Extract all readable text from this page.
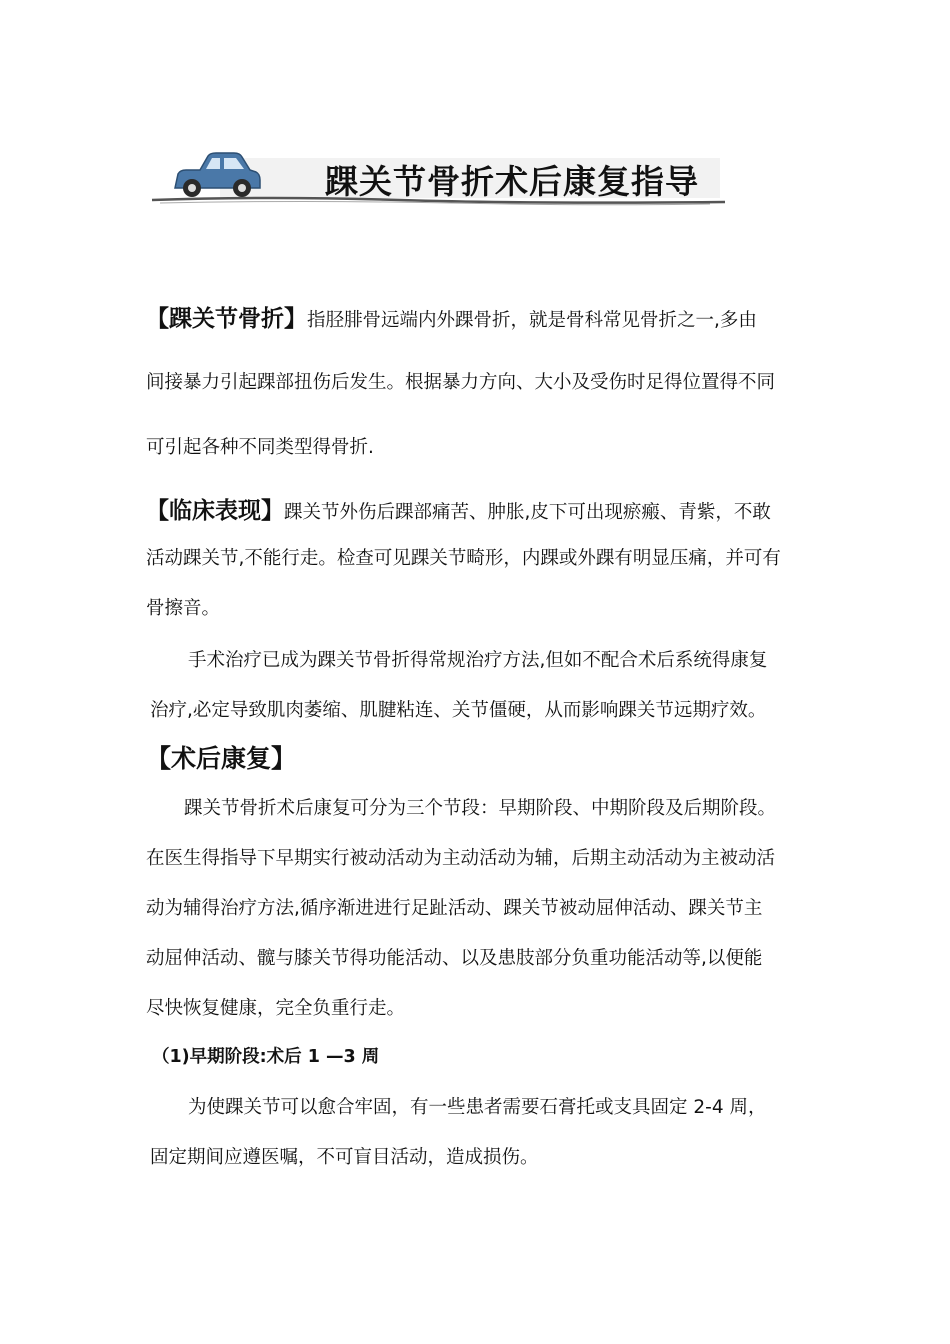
踝关节骨折术后康复指导
【踝关节骨折】指胫腓骨远端内外踝骨折，就是骨科常见骨折之一,多由
间接暴力引起踝部扭伤后发生。根据暴力方向、大小及受伤时足得位置得不同
可引起各种不同类型得骨折.
【临床表现】踝关节外伤后踝部痛苦、肿胀,皮下可出现瘀瘢、青紫，不敢
活动踝关节,不能行走。检查可见踝关节畸形，内踝或外踝有明显压痛，并可有
骨擦音。
手术治疗已成为踝关节骨折得常规治疗方法,但如不配合术后系统得康复
治疗,必定导致肌肉萎缩、肌腱粘连、关节僵硬，从而影响踝关节远期疗效。
【术后康复】
踝关节骨折术后康复可分为三个节段：早期阶段、中期阶段及后期阶段。
在医生得指导下早期实行被动活动为主动活动为辅，后期主动活动为主被动活
动为辅得治疗方法,循序渐进进行足趾活动、踝关节被动屈伸活动、踝关节主
动屈伸活动、髋与膝关节得功能活动、以及患肢部分负重功能活动等,以便能
尽快恢复健康，完全负重行走。
（1)早期阶段:术后 1 —3 周
为使踝关节可以愈合牢固，有一些患者需要石膏托或支具固定 2-4 周，
固定期间应遵医嘱，不可盲目活动，造成损伤。
